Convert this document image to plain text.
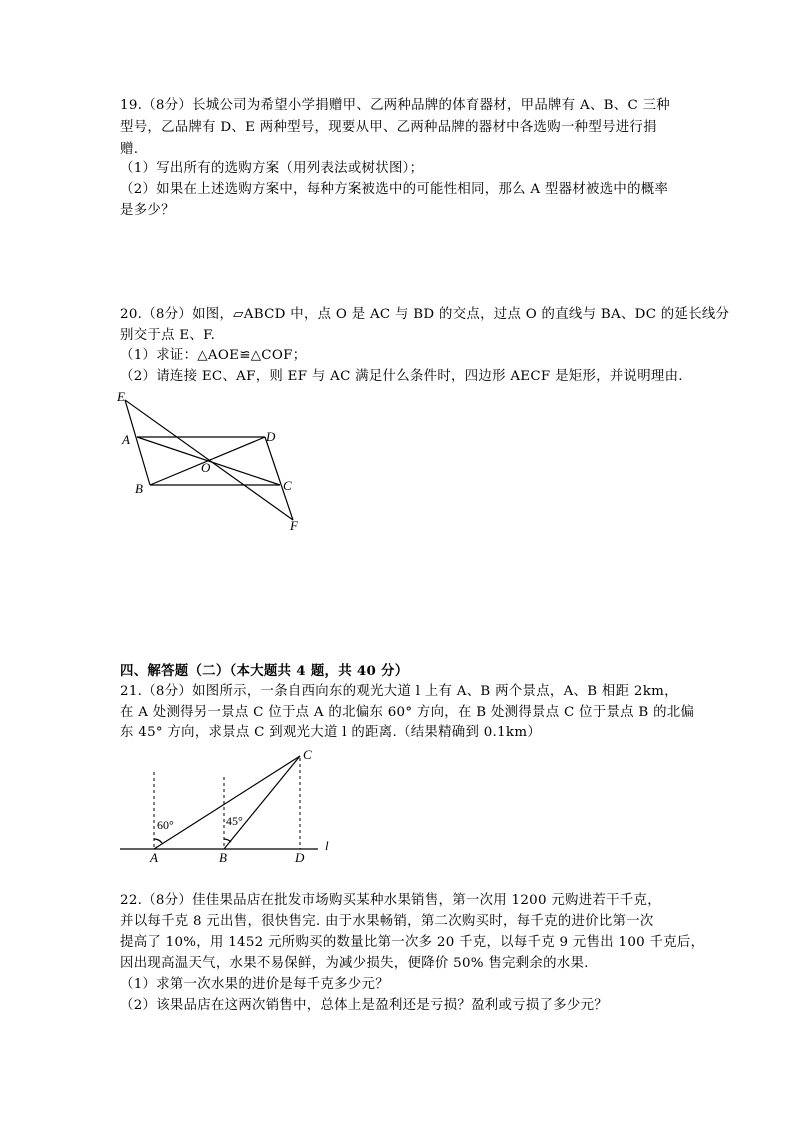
19.（8分）长城公司为希望小学捐赠甲、乙两种品牌的体育器材，甲品牌有 A、B、C 三种
型号，乙品牌有 D、E 两种型号，现要从甲、乙两种品牌的器材中各选购一种型号进行捐
赠.
（1）写出所有的选购方案（用列表法或树状图）；
（2）如果在上述选购方案中，每种方案被选中的可能性相同，那么 A 型器材被选中的概率
是多少？
20.（8分）如图，▱ABCD 中，点 O 是 AC 与 BD 的交点，过点 O 的直线与 BA、DC 的延长线分
别交于点 E、F.
（1）求证：△AOE≌△COF；
（2）请连接 EC、AF，则 EF 与 AC 满足什么条件时，四边形 AECF 是矩形，并说明理由.
E
A	D
O
B	C
F
四、解答题（二）（本大题共 4 题，共 40 分）
21.（8分）如图所示，一条自西向东的观光大道 l 上有 A、B 两个景点，A、B 相距 2km，
在 A 处测得另一景点 C 位于点 A 的北偏东 60° 方向，在 B 处测得景点 C 位于景点 B 的北偏
东 45° 方向，求景点 C 到观光大道 l 的距离.（结果精确到 0.1km）
C
60°	45°
A	B	D
l
22.（8分）佳佳果品店在批发市场购买某种水果销售，第一次用 1200 元购进若干千克，
并以每千克 8 元出售，很快售完. 由于水果畅销，第二次购买时，每千克的进价比第一次
提高了 10%，用 1452 元所购买的数量比第一次多 20 千克，以每千克 9 元售出 100 千克后，
因出现高温天气，水果不易保鲜，为减少损失，便降价 50% 售完剩余的水果.
（1）求第一次水果的进价是每千克多少元？
（2）该果品店在这两次销售中，总体上是盈利还是亏损？盈利或亏损了多少元？
